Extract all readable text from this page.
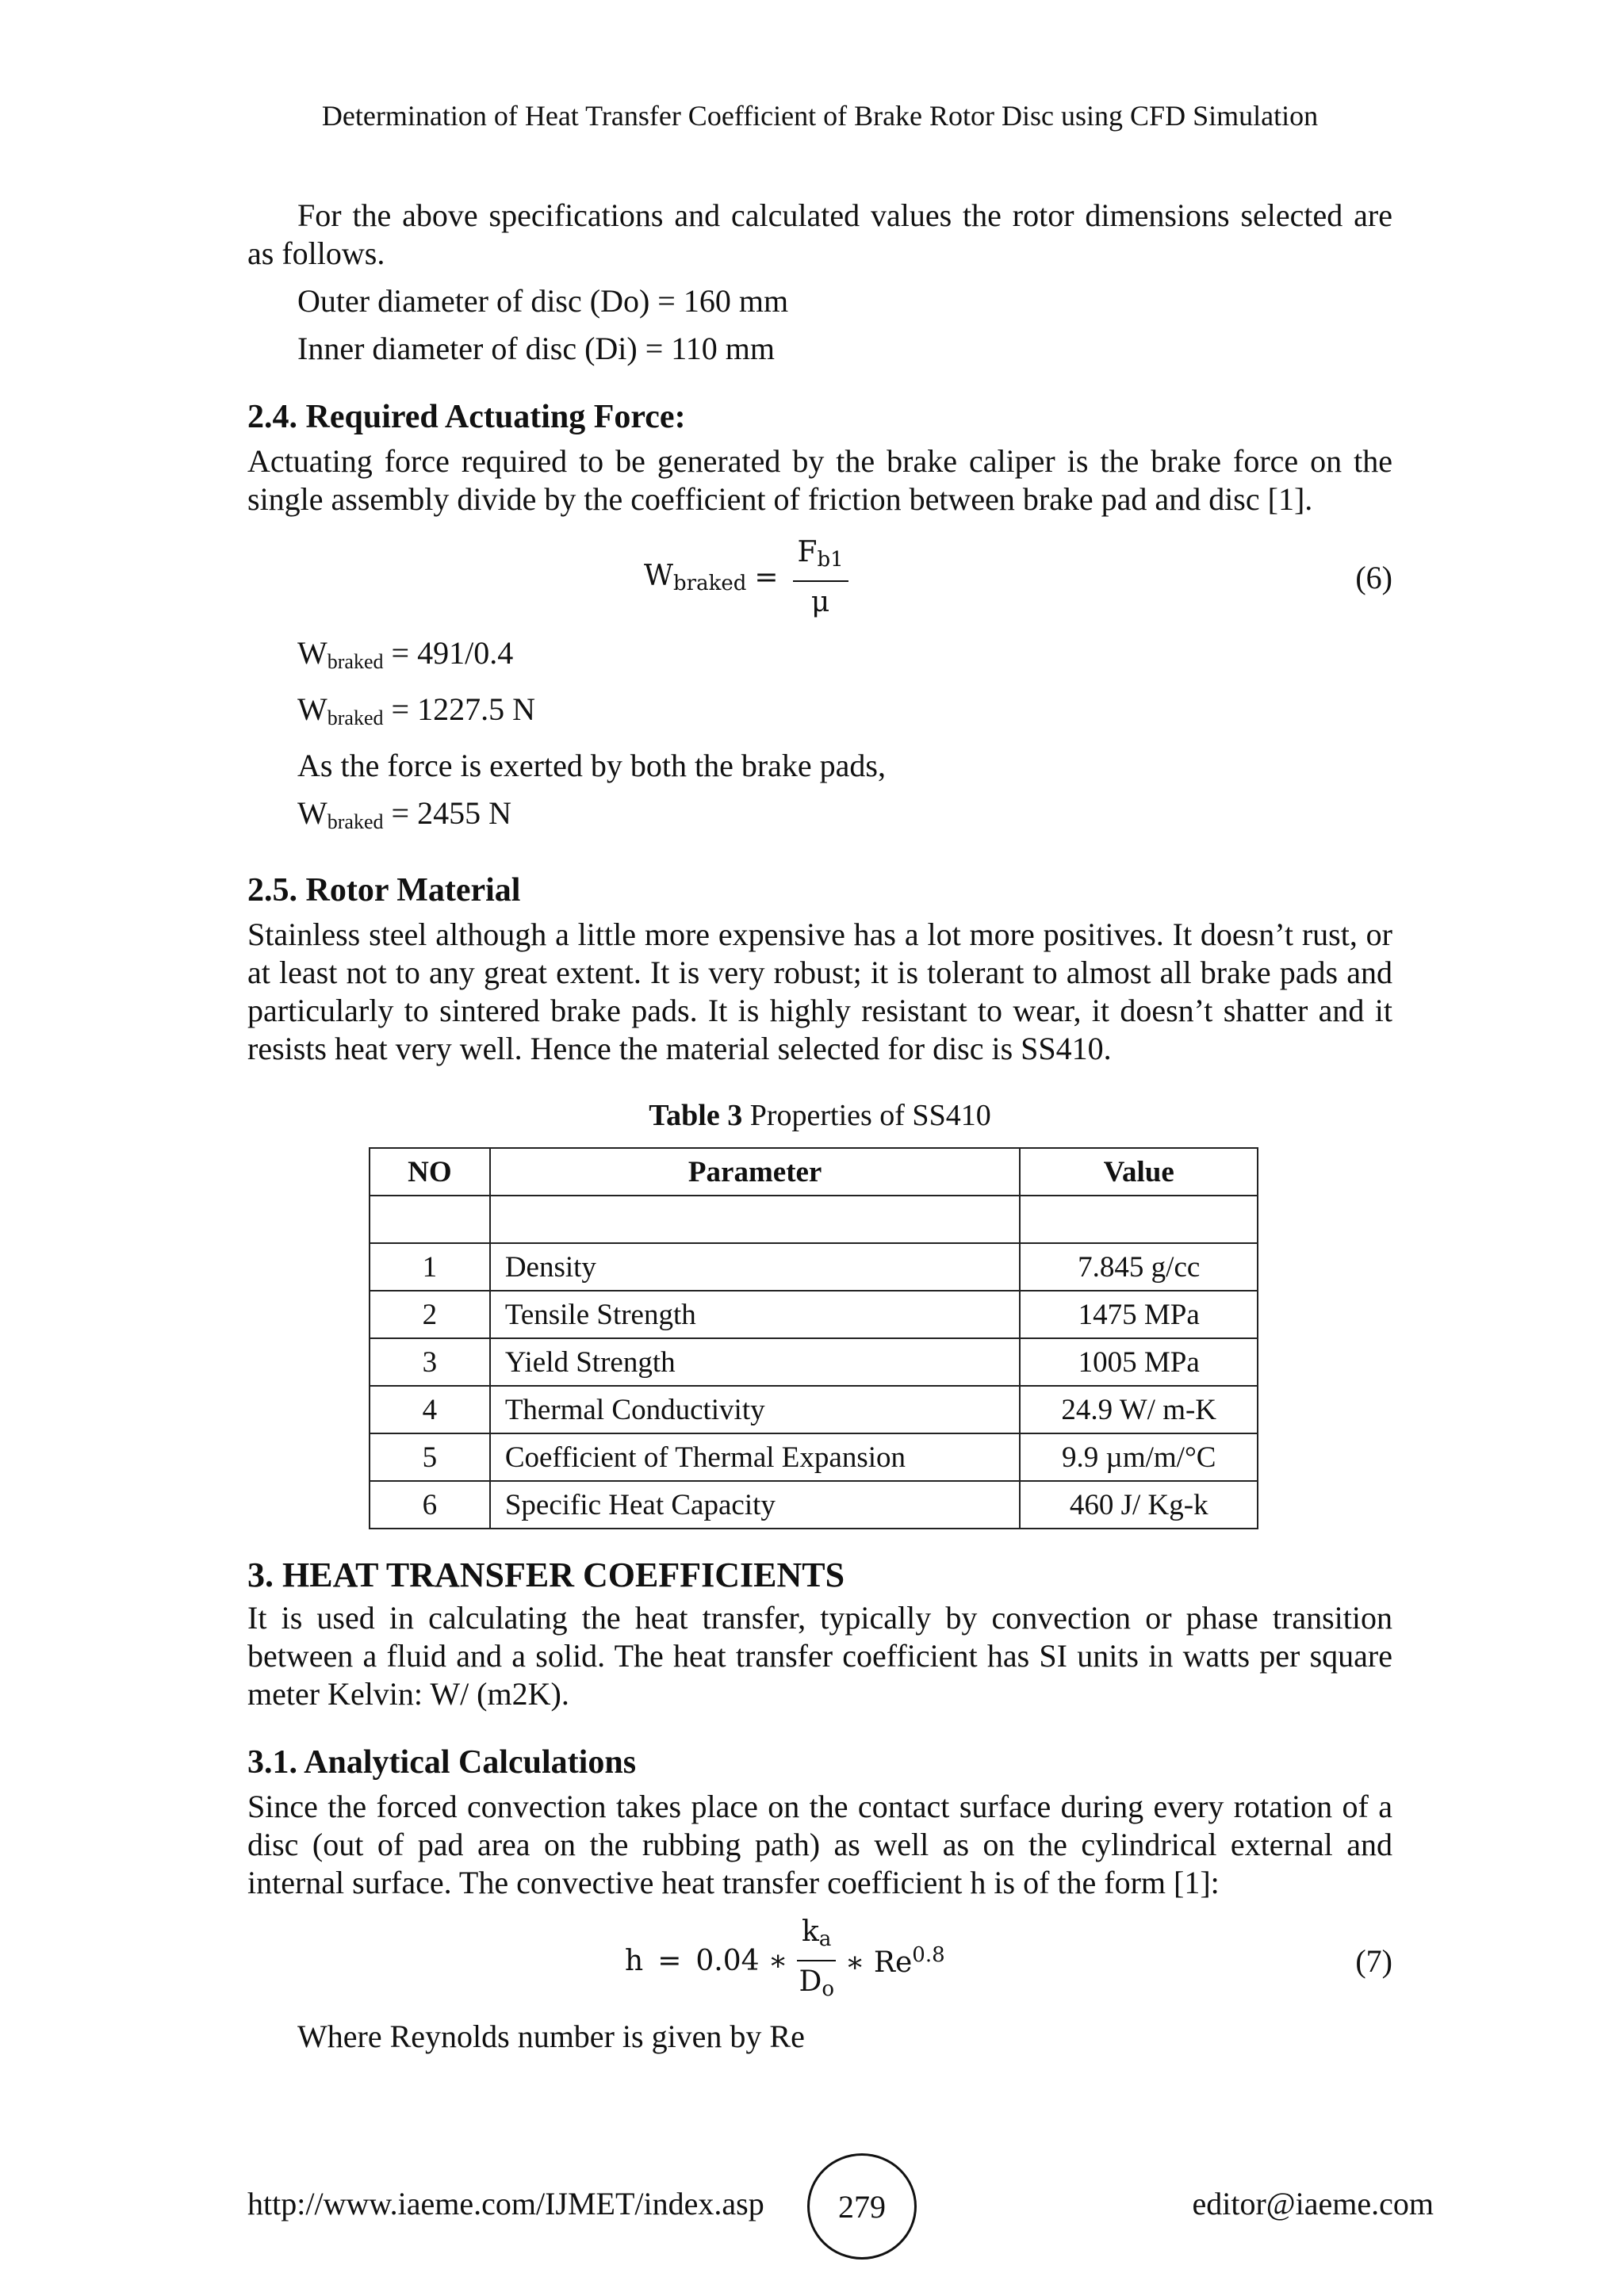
Determination of Heat Transfer Coefficient of Brake Rotor Disc using CFD Simulation

For the above specifications and calculated values the rotor dimensions selected are as follows.

Outer diameter of disc (Do) = 160 mm
Inner diameter of disc (Di) = 110 mm
2.4. Required Actuating Force:

Actuating force required to be generated by the brake caliper is the brake force on the single assembly divide by the coefficient of friction between brake pad and disc [1].

$W_{braked} = \frac{F_{b1}}{\mu}$	(6)
$W_{braked} = 491/0.4$
$W_{braked} = 1227.5$ N
As the force is exerted by both the brake pads,
$W_{braked} = 2455$ N
2.5. Rotor Material

Stainless steel although a little more expensive has a lot more positives. It doesn’t rust, or at least not to any great extent. It is very robust; it is tolerant to almost all brake pads and particularly to sintered brake pads. It is highly resistant to wear, it doesn’t shatter and it resists heat very well. Hence the material selected for disc is SS410.

Table 3 Properties of SS410
NO	Parameter	Value

1	Density	7.845 g/cc
2	Tensile Strength	1475 MPa
3	Yield Strength	1005 MPa
4	Thermal Conductivity	24.9 W/ m-K
5	Coefficient of Thermal Expansion	9.9 µm/m/°C
6	Specific Heat Capacity	460 J/ Kg-k
3. HEAT TRANSFER COEFFICIENTS

It is used in calculating the heat transfer, typically by convection or phase transition between a fluid and a solid. The heat transfer coefficient has SI units in watts per square meter Kelvin: W/ (m2K).

3.1. Analytical Calculations

Since the forced convection takes place on the contact surface during every rotation of a disc (out of pad area on the rubbing path) as well as on the cylindrical external and internal surface. The convective heat transfer coefficient h is of the form [1]:

h = 0.04 ∗ $\frac{k_a}{D_o}$ ∗ $Re^{0.8}$	(7)
Where Reynolds number is given by Re
http://www.iaeme.com/IJMET/index.asp	279	editor@iaeme.com
